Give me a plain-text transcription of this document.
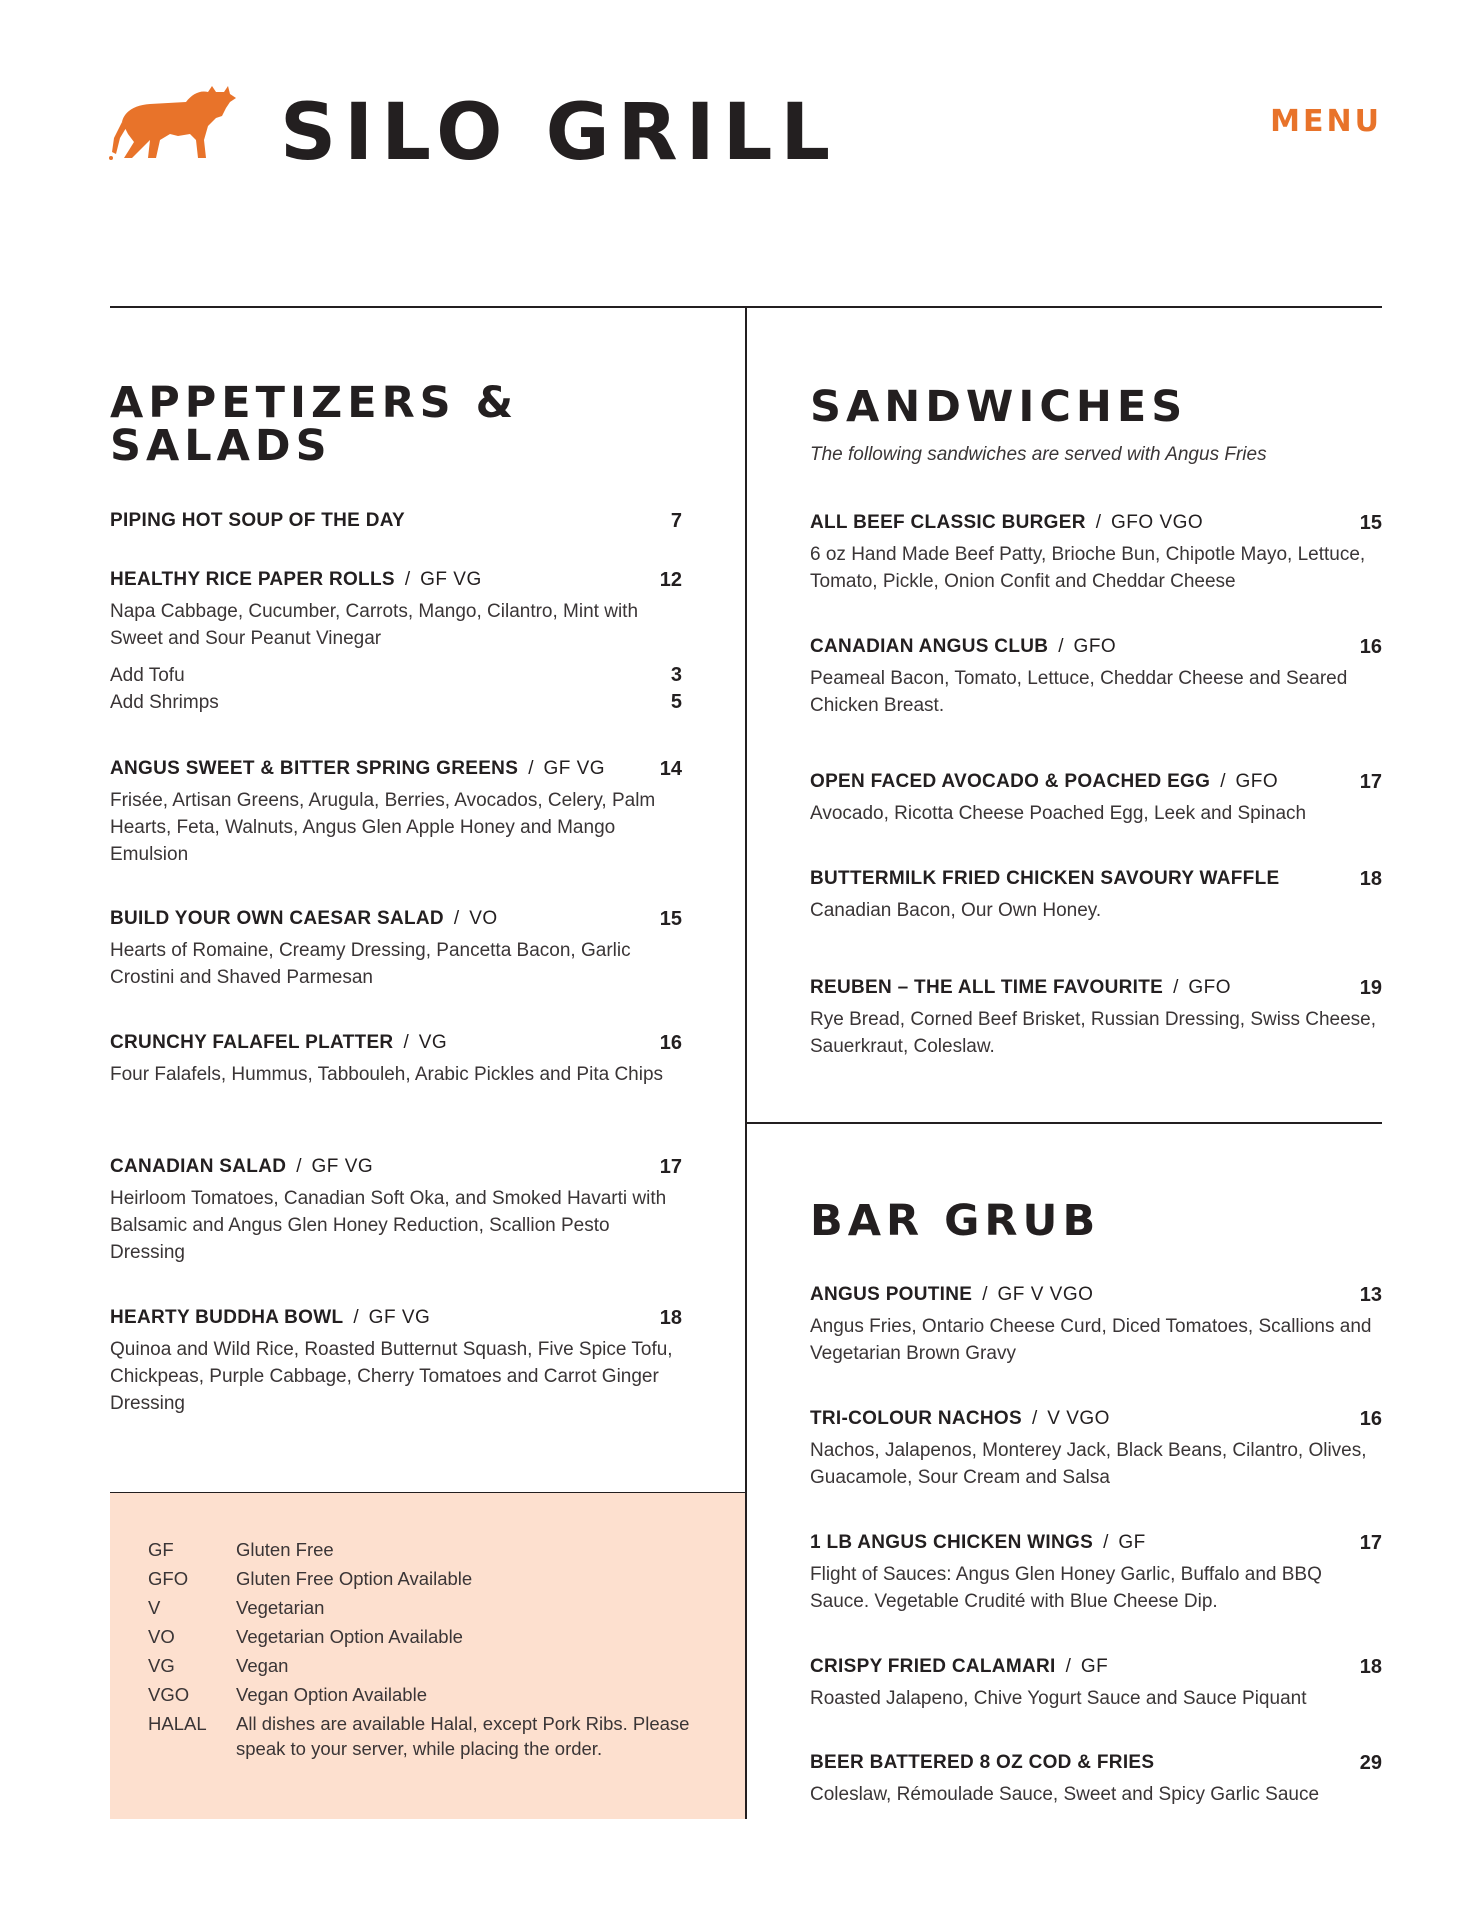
SILO GRILL	MENU
APPETIZERS & SALADS
SANDWICHES
The following sandwiches are served with Angus Fries
BAR GRUB
PIPING HOT SOUP OF THE DAY	7
HEALTHY RICE PAPER ROLLS / GF VG	12
Napa Cabbage, Cucumber, Carrots, Mango, Cilantro, Mint with Sweet and Sour Peanut Vinegar
Add Tofu	3
Add Shrimps	5
ANGUS SWEET & BITTER SPRING GREENS / GF VG	14
Frisée, Artisan Greens, Arugula, Berries, Avocados, Celery, Palm Hearts, Feta, Walnuts, Angus Glen Apple Honey and Mango Emulsion
BUILD YOUR OWN CAESAR SALAD / VO	15
Hearts of Romaine, Creamy Dressing, Pancetta Bacon, Garlic Crostini and Shaved Parmesan
CRUNCHY FALAFEL PLATTER / VG	16
Four Falafels, Hummus, Tabbouleh, Arabic Pickles and Pita Chips
CANADIAN SALAD / GF VG	17
Heirloom Tomatoes, Canadian Soft Oka, and Smoked Havarti with Balsamic and Angus Glen Honey Reduction, Scallion Pesto Dressing
HEARTY BUDDHA BOWL / GF VG	18
Quinoa and Wild Rice, Roasted Butternut Squash, Five Spice Tofu, Chickpeas, Purple Cabbage, Cherry Tomatoes and Carrot Ginger Dressing
ALL BEEF CLASSIC BURGER / GFO VGO	15
6 oz Hand Made Beef Patty, Brioche Bun, Chipotle Mayo, Lettuce, Tomato, Pickle, Onion Confit and Cheddar Cheese
CANADIAN ANGUS CLUB / GFO	16
Peameal Bacon, Tomato, Lettuce, Cheddar Cheese and Seared Chicken Breast.
OPEN FACED AVOCADO & POACHED EGG / GFO	17
Avocado, Ricotta Cheese Poached Egg, Leek and Spinach
BUTTERMILK FRIED CHICKEN SAVOURY WAFFLE	18
Canadian Bacon, Our Own Honey.
REUBEN – THE ALL TIME FAVOURITE / GFO	19
Rye Bread, Corned Beef Brisket, Russian Dressing, Swiss Cheese, Sauerkraut, Coleslaw.
ANGUS POUTINE / GF V VGO	13
Angus Fries, Ontario Cheese Curd, Diced Tomatoes, Scallions and Vegetarian Brown Gravy
TRI-COLOUR NACHOS / V VGO	16
Nachos, Jalapenos, Monterey Jack, Black Beans, Cilantro, Olives, Guacamole, Sour Cream and Salsa
1 LB ANGUS CHICKEN WINGS / GF	17
Flight of Sauces: Angus Glen Honey Garlic, Buffalo and BBQ Sauce. Vegetable Crudité with Blue Cheese Dip.
CRISPY FRIED CALAMARI / GF	18
Roasted Jalapeno, Chive Yogurt Sauce and Sauce Piquant
BEER BATTERED 8 OZ COD & FRIES	29
Coleslaw, Rémoulade Sauce, Sweet and Spicy Garlic Sauce
GF	Gluten Free
GFO	Gluten Free Option Available
V	Vegetarian
VO	Vegetarian Option Available
VG	Vegan
VGO	Vegan Option Available
HALAL All dishes are available Halal, except Pork Ribs. Please speak to your server, while placing the order.
